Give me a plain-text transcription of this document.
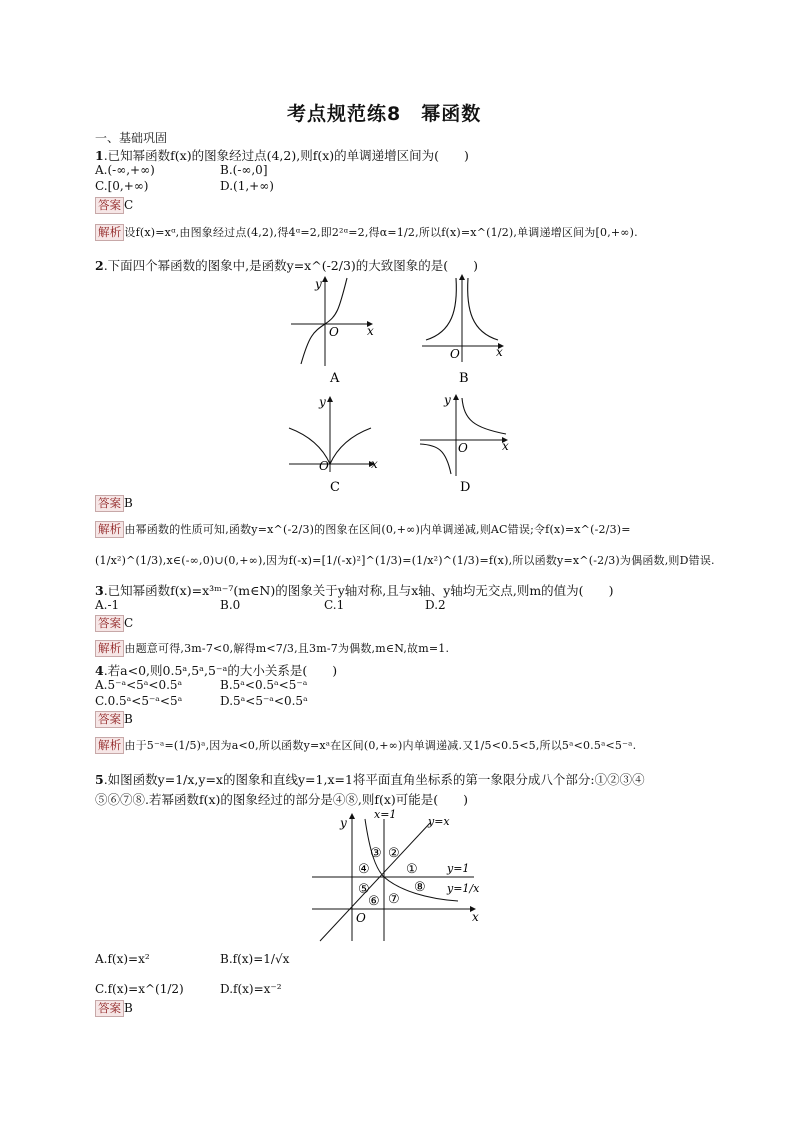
考点规范练8　幂函数
一、基础巩固
1.已知幂函数f(x)的图象经过点(4,2),则f(x)的单调递增区间为(　　)
A.(-∞,+∞)	B.(-∞,0]
C.[0,+∞)	D.(1,+∞)
答案 C
解析 设f(x)=xᵅ,由图象经过点(4,2),得4ᵅ=2,即2²ᵅ=2,得α=1/2,所以f(x)=x^(1/2),单调递增区间为[0,+∞).
2.下面四个幂函数的图象中,是函数y=x^(-2/3)的大致图象的是(　　)
y
x
O
A
O	x
B
y
x
O
C
y
x
O
D
答案 B
解析 由幂函数的性质可知,函数y=x^(-2/3)的图象在区间(0,+∞)内单调递减,则AC错误;令f(x)=x^(-2/3)=
(1/x²)^(1/3),x∈(-∞,0)∪(0,+∞),因为f(-x)=[1/(-x)²]^(1/3)=(1/x²)^(1/3)=f(x),所以函数y=x^(-2/3)为偶函数,则D错误.
3.已知幂函数f(x)=x³ᵐ⁻⁷(m∈N)的图象关于y轴对称,且与x轴、y轴均无交点,则m的值为(　　)
A.-1	B.0	C.1	D.2
答案 C
解析 由题意可得,3m-7<0,解得m<7/3,且3m-7为偶数,m∈N,故m=1.
4.若a<0,则0.5ᵃ,5ᵃ,5⁻ᵃ的大小关系是(　　)
A.5⁻ᵃ<5ᵃ<0.5ᵃ	B.5ᵃ<0.5ᵃ<5⁻ᵃ
C.0.5ᵃ<5⁻ᵃ<5ᵃ	D.5ᵃ<5⁻ᵃ<0.5ᵃ
答案 B
解析 由于5⁻ᵃ=(1/5)ᵃ,因为a<0,所以函数y=xᵃ在区间(0,+∞)内单调递减.又1/5<0.5<5,所以5ᵃ<0.5ᵃ<5⁻ᵃ.
5.如图函数y=1/x,y=x的图象和直线y=1,x=1将平面直角坐标系的第一象限分成八个部分:①②③④
⑤⑥⑦⑧.若幂函数f(x)的图象经过的部分是④⑧,则f(x)可能是(　　)
x=1
y=x
y=1
y=1/x
①
②
③
④
⑤
⑥ ⑦
⑧
y
x
O
A.f(x)=x²	B.f(x)=1/√x
C.f(x)=x^(1/2)	D.f(x)=x⁻²
答案 B
